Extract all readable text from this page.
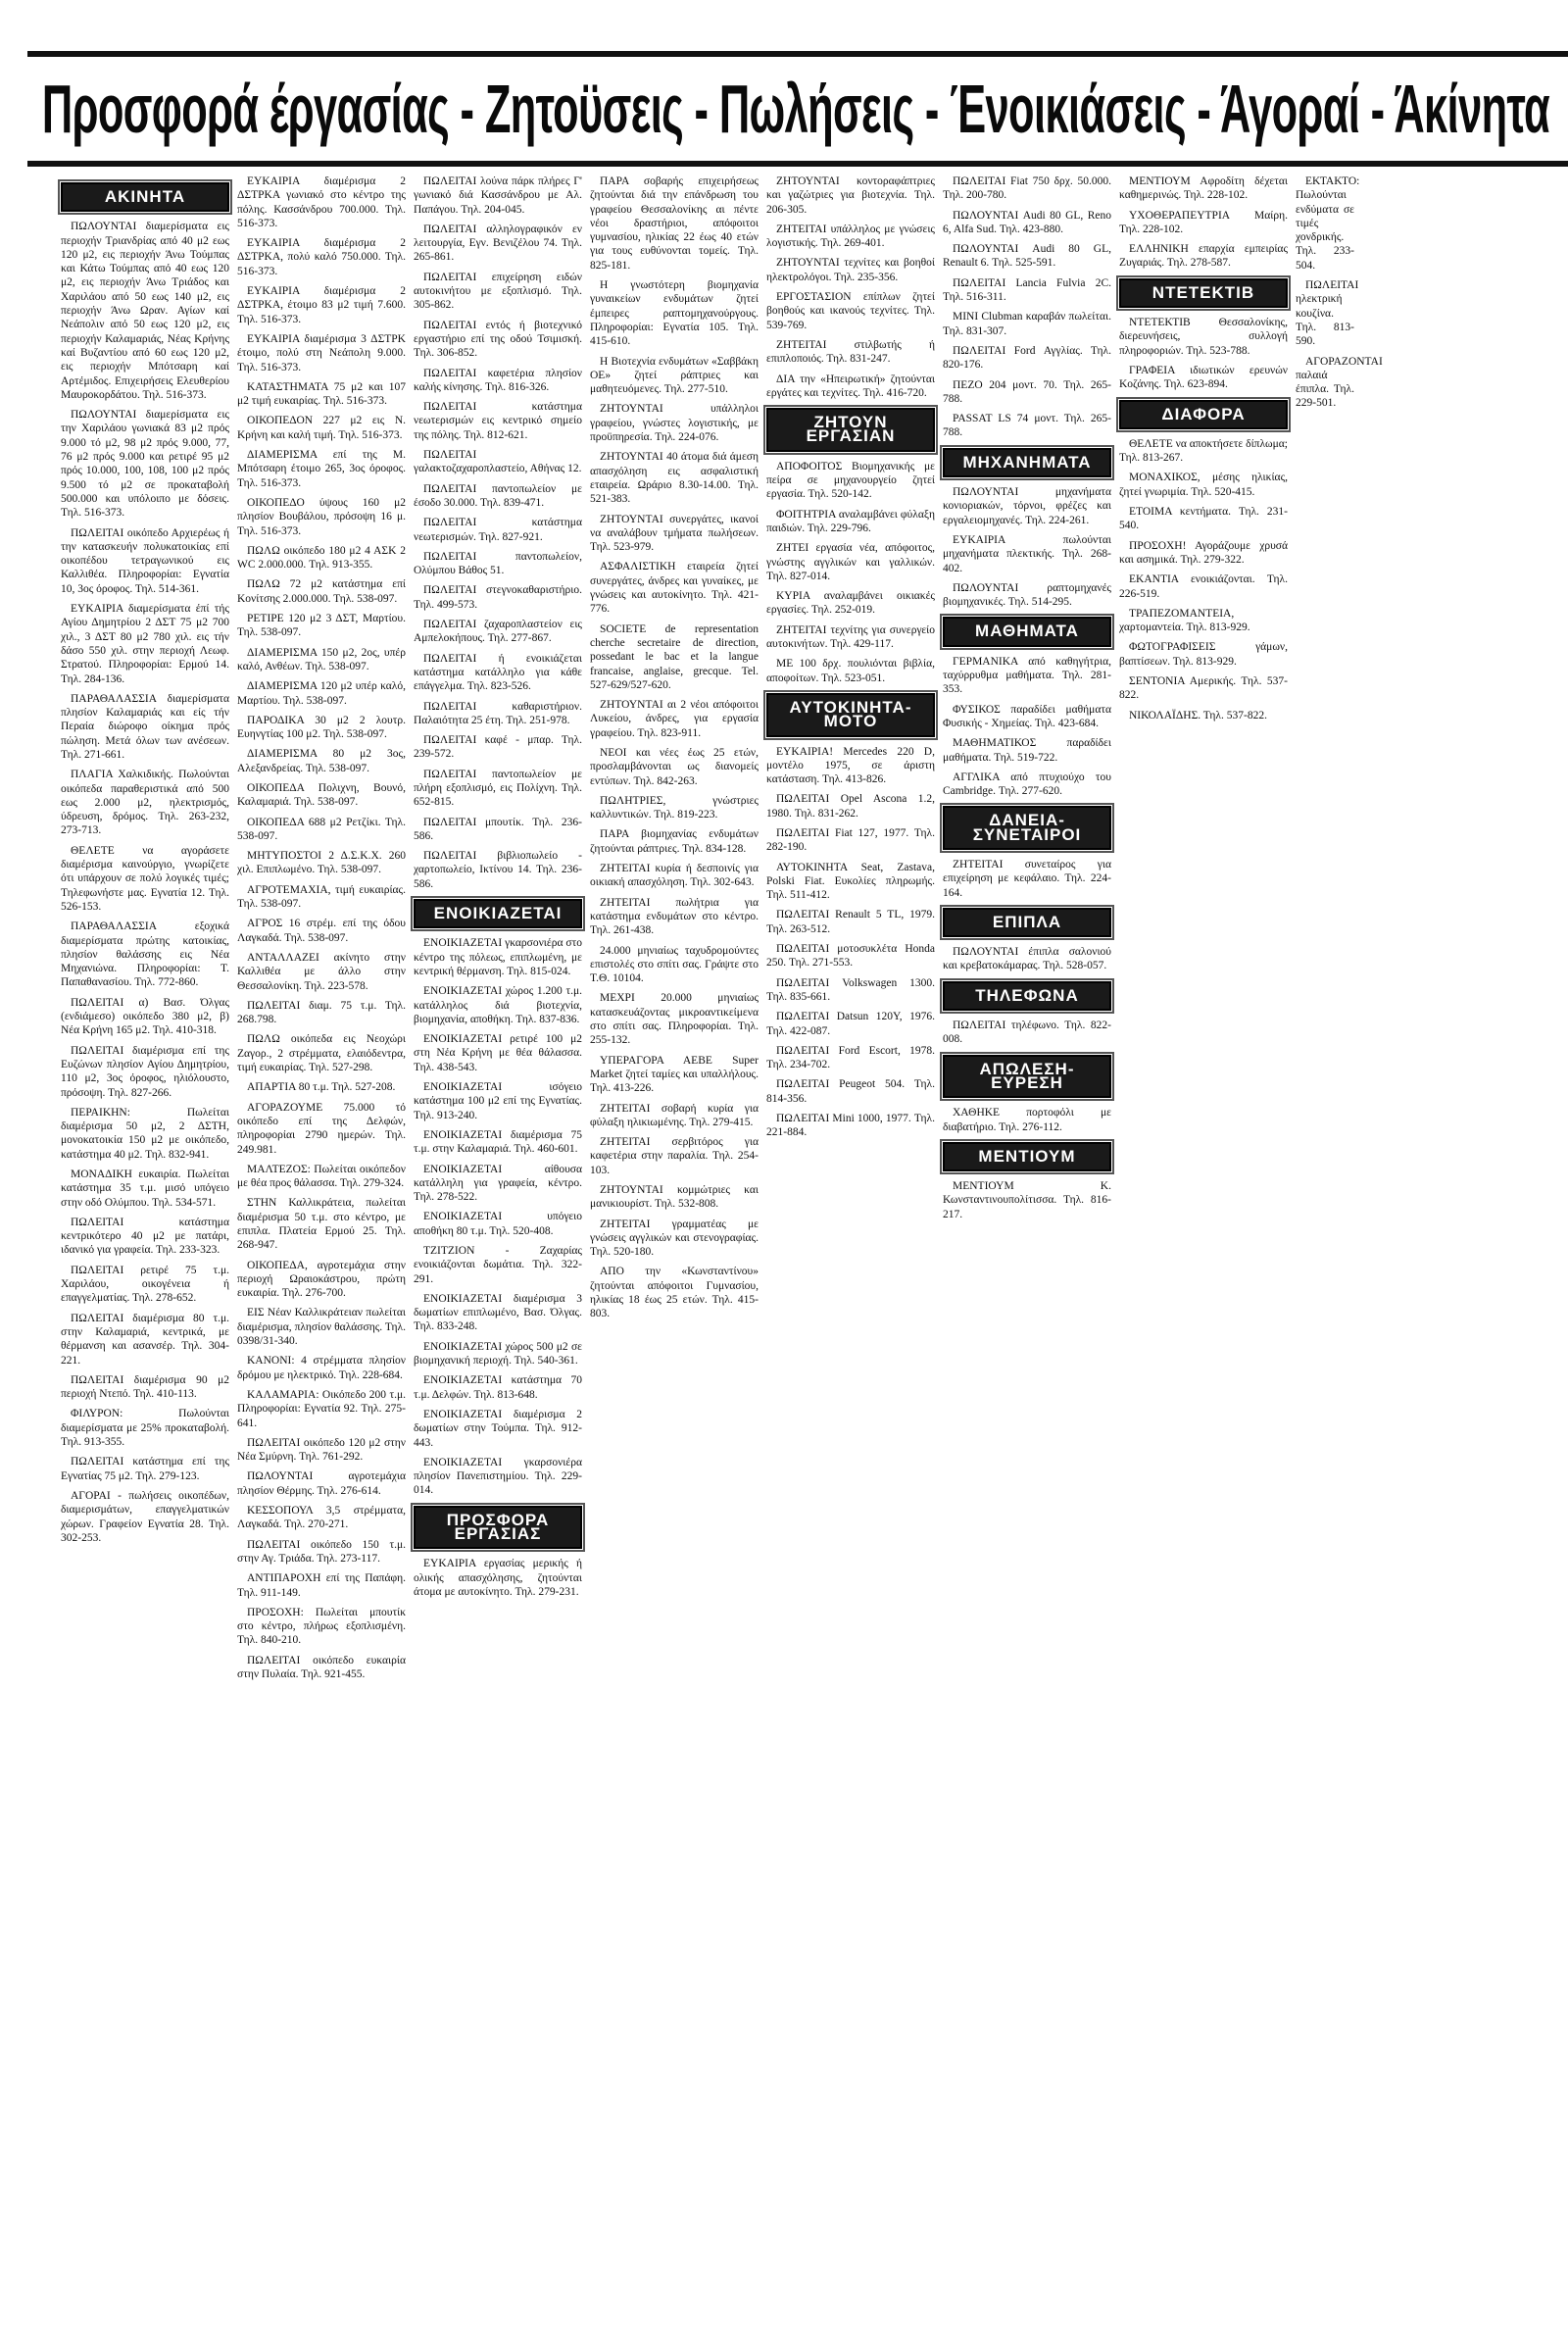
Προσφορά έργασίας - Ζητοϋσεις - Πωλήσεις - Ένοικιάσεις - Άγοραί - Άκίνητα
ΑΚΙΝΗΤΑ

ΠΩΛΟΥΝΤΑΙ διαμερίσματα εις περιοχήν Τριανδρίας από 40 μ2 εως 120 μ2, εις περιοχήν Άνω Τούμπας και Κάτω Τούμπας από 40 εως 120 μ2, εις περιοχήν Άνω Τριάδος και Χαριλάου από 50 εως 140 μ2, εις περιοχήν Άνω Ωραν. Αγίων καί Νεάπολιν από 50 εως 120 μ2, εις περιοχήν Καλαμαριάς, Νέας Κρήνης καί Βυζαντίου από 60 εως 120 μ2, εις περιοχήν Μπότσαρη καί Αρτέμιδος. Επιχειρήσεις Ελευθερίου Μαυροκορδάτου. Τηλ. 516-373.

ΠΩΛΟΥΝΤΑΙ διαμερίσματα εις την Χαριλάου γωνιακά 83 μ2 πρός 9.000 τό μ2, 98 μ2 πρός 9.000, 77, 76 μ2 πρός 9.000 και ρετιρέ 95 μ2 πρός 10.000, 100, 108, 100 μ2 πρός 9.500 τό μ2 σε προκαταβολή 500.000 και υπόλοιπο με δόσεις. Τηλ. 516-373.

ΠΩΛΕΙΤΑΙ οικόπεδο Αρχιερέως ή την κατασκευήν πολυκατοικίας επί οικοπέδου τετραγωνικού εις Καλλιθέα. Πληροφορίαι: Εγνατία 10, 3ος όροφος. Τηλ. 514-361.

ΕΥΚΑΙΡΙΑ διαμερίσματα έπί τής Αγίου Δημητρίου 2 ΔΣΤ 75 μ2 700 χιλ., 3 ΔΣΤ 80 μ2 780 χιλ. εις τήν δάσο 550 χιλ. στην περιοχή Λεωφ. Στρατού. Πληροφορίαι: Ερμού 14. Τηλ. 284-136.

ΠΑΡΑΘΑΛΑΣΣΙΑ διαμερίσματα πλησίον Καλαμαριάς και είς τήν Περαία διώροφο οίκημα πρός πώληση. Μετά όλων των ανέσεων. Τηλ. 271-661.

ΠΛΑΓΙΑ Χαλκιδικής. Πωλούνται οικόπεδα παραθεριστικά από 500 εως 2.000 μ2, ηλεκτρισμός, ύδρευση, δρόμος. Τηλ. 263-232, 273-713.

ΘΕΛΕΤΕ να αγοράσετε διαμέρισμα καινούργιο, γνωρίζετε ότι υπάρχουν σε πολύ λογικές τιμές; Τηλεφωνήστε μας. Εγνατία 12. Τηλ. 526-153.

ΠΑΡΑΘΑΛΑΣΣΙΑ εξοχικά διαμερίσματα πρώτης κατοικίας, πλησίον θαλάσσης εις Νέα Μηχανιώνα. Πληροφορίαι: Τ. Παπαθανασίου. Τηλ. 772-860.

ΠΩΛΕΙΤΑΙ α) Βασ. Όλγας (ενδιάμεσο) οικόπεδο 380 μ2, β) Νέα Κρήνη 165 μ2. Τηλ. 410-318.

ΠΩΛΕΙΤΑΙ διαμέρισμα επί της Ευζώνων πλησίον Αγίου Δημητρίου, 110 μ2, 3ος όροφος, ηλιόλουστο, πρόσοψη. Τηλ. 827-266.

ΠΕΡΑΙΚΗΝ: Πωλείται διαμέρισμα 50 μ2, 2 ΔΣΤΗ, μονοκατοικία 150 μ2 με οικόπεδο, κατάστημα 40 μ2. Τηλ. 832-941.

ΜΟΝΑΔΙΚΗ ευκαιρία. Πωλείται κατάστημα 35 τ.μ. μισό υπόγειο στην οδό Ολύμπου. Τηλ. 534-571.

ΠΩΛΕΙΤΑΙ κατάστημα κεντρικότερο 40 μ2 με πατάρι, ιδανικό για γραφεία. Τηλ. 233-323.

ΠΩΛΕΙΤΑΙ ρετιρέ 75 τ.μ. Χαριλάου, οικογένεια ή επαγγελματίας. Τηλ. 278-652.

ΠΩΛΕΙΤΑΙ διαμέρισμα 80 τ.μ. στην Καλαμαριά, κεντρικά, με θέρμανση και ασανσέρ. Τηλ. 304-221.

ΠΩΛΕΙΤΑΙ διαμέρισμα 90 μ2 περιοχή Ντεπό. Τηλ. 410-113.

ΦΙΛΥΡΟΝ: Πωλούνται διαμερίσματα με 25% προκαταβολή. Τηλ. 913-355.

ΠΩΛΕΙΤΑΙ κατάστημα επί της Εγνατίας 75 μ2. Τηλ. 279-123.

ΑΓΟΡΑΙ - πωλήσεις οικοπέδων, διαμερισμάτων, επαγγελματικών χώρων. Γραφείον Εγνατία 28. Τηλ. 302-253.

ΕΥΚΑΙΡΙΑ διαμέρισμα 2 ΔΣΤΡΚΑ γωνιακό στο κέντρο της πόλης. Κασσάνδρου 700.000. Τηλ. 516-373.

ΕΥΚΑΙΡΙΑ διαμέρισμα 2 ΔΣΤΡΚΑ, πολύ καλό 750.000. Τηλ. 516-373.

ΕΥΚΑΙΡΙΑ διαμέρισμα 2 ΔΣΤΡΚΑ, έτοιμο 83 μ2 τιμή 7.600. Τηλ. 516-373.

ΕΥΚΑΙΡΙΑ διαμέρισμα 3 ΔΣΤΡΚ έτοιμο, πολύ στη Νεάπολη 9.000. Τηλ. 516-373.

ΚΑΤΑΣΤΗΜΑΤΑ 75 μ2 και 107 μ2 τιμή ευκαιρίας. Τηλ. 516-373.

ΟΙΚΟΠΕΔΟΝ 227 μ2 εις Ν. Κρήνη και καλή τιμή. Τηλ. 516-373.

ΔΙΑΜΕΡΙΣΜΑ επί της Μ. Μπότσαρη έτοιμο 265, 3ος όροφος. Τηλ. 516-373.

ΟΙΚΟΠΕΔΟ ύψους 160 μ2 πλησίον Βουβάλου, πρόσοψη 16 μ. Τηλ. 516-373.

ΠΩΛΩ οικόπεδο 180 μ2 4 ΑΣΚ 2 WC 2.000.000. Τηλ. 913-355.

ΠΩΛΩ 72 μ2 κατάστημα επί Κονίτσης 2.000.000. Τηλ. 538-097.

ΡΕΤΙΡΕ 120 μ2 3 ΔΣΤ, Μαρτίου. Τηλ. 538-097.

ΔΙΑΜΕΡΙΣΜΑ 150 μ2, 2ος, υπέρ καλό, Ανθέων. Τηλ. 538-097.

ΔΙΑΜΕΡΙΣΜΑ 120 μ2 υπέρ καλό, Μαρτίου. Τηλ. 538-097.

ΠΑΡΟΔΙΚΑ 30 μ2 2 λουτρ. Ευηνγτίας 100 μ2. Τηλ. 538-097.

ΔΙΑΜΕΡΙΣΜΑ 80 μ2 3ος, Αλεξανδρείας. Τηλ. 538-097.

ΟΙΚΟΠΕΔΑ Πολιχνη, Βουνό, Καλαμαριά. Τηλ. 538-097.

ΟΙΚΟΠΕΔΑ 688 μ2 Ρετζίκι. Τηλ. 538-097.

ΜΗΤΥΠΟΣΤΟΙ 2 Δ.Σ.Κ.Χ. 260 χιλ. Επιπλωμένο. Τηλ. 538-097.

ΑΓΡΟΤΕΜΑΧΙΑ, τιμή ευκαιρίας. Τηλ. 538-097.

ΑΓΡΟΣ 16 στρέμ. επί της όδου Λαγκαδά. Τηλ. 538-097.

ΑΝΤΑΛΛΑΖΕΙ ακίνητο στην Καλλιθέα με άλλο στην Θεσσαλονίκη. Τηλ. 223-578.

ΠΩΛΕΙΤΑΙ διαμ. 75 τ.μ. Τηλ. 268.798.

ΠΩΛΩ οικόπεδα εις Νεοχώρι Ζαγορ., 2 στρέμματα, ελαιόδεντρα, τιμή ευκαιρίας. Τηλ. 527-298.

ΑΠΑΡΤΙΑ 80 τ.μ. Τηλ. 527-208.

ΑΓΟΡΑΖΟΥΜΕ 75.000 τό οικόπεδο επί της Δελφών, πληροφορίαι 2790 ημερών. Τηλ. 249.981.

ΜΑΛΤΕΖΟΣ: Πωλείται οικόπεδον με θέα προς θάλασσα. Τηλ. 279-324.

ΣΤΗΝ Καλλικράτεια, πωλείται διαμέρισμα 50 τ.μ. στο κέντρο, με επιπλα. Πλατεία Ερμού 25. Τηλ. 268-947.

ΟΙΚΟΠΕΔΑ, αγροτεμάχια στην περιοχή Ωραιοκάστρου, πρώτη ευκαιρία. Τηλ. 276-700.

ΕΙΣ Νέαν Καλλικράτειαν πωλείται διαμέρισμα, πλησίον θαλάσσης. Τηλ. 0398/31-340.

ΚΑΝΟΝΙ: 4 στρέμματα πλησίον δρόμου με ηλεκτρικό. Τηλ. 228-684.

ΚΑΛΑΜΑΡΙΑ: Οικόπεδο 200 τ.μ. Πληροφορίαι: Εγνατία 92. Τηλ. 275-641.

ΠΩΛΕΙΤΑΙ οικόπεδο 120 μ2 στην Νέα Σμύρνη. Τηλ. 761-292.

ΠΩΛΟΥΝΤΑΙ αγροτεμάχια πλησίον Θέρμης. Τηλ. 276-614.

ΚΕΣΣΟΠΟΥΛ 3,5 στρέμματα, Λαγκαδά. Τηλ. 270-271.

ΠΩΛΕΙΤΑΙ οικόπεδο 150 τ.μ. στην Αγ. Τριάδα. Τηλ. 273-117.

ΑΝΤΙΠΑΡΟΧΗ επί της Παπάφη. Τηλ. 911-149.

ΠΡΟΣΟΧΗ: Πωλείται μπουτίκ στο κέντρο, πλήρως εξοπλισμένη. Τηλ. 840-210.

ΠΩΛΕΙΤΑΙ οικόπεδο ευκαιρία στην Πυλαία. Τηλ. 921-455.

ΠΩΛΕΙΤΑΙ λούνα πάρκ πλήρες Γ' γωνιακό διά Κασσάνδρου με Αλ. Παπάγου. Τηλ. 204-045.

ΠΩΛΕΙΤΑΙ αλληλογραφικόν εν λειτουργία, Εγν. Βενιζέλου 74. Τηλ. 265-861.

ΠΩΛΕΙΤΑΙ επιχείρηση ειδών αυτοκινήτου με εξοπλισμό. Τηλ. 305-862.

ΠΩΛΕΙΤΑΙ εντός ή βιοτεχνικό εργαστήριο επί της οδού Τσιμισκή. Τηλ. 306-852.

ΠΩΛΕΙΤΑΙ καφετέρια πλησίον καλής κίνησης. Τηλ. 816-326.

ΠΩΛΕΙΤΑΙ κατάστημα νεωτερισμών εις κεντρικό σημείο της πόλης. Τηλ. 812-621.

ΠΩΛΕΙΤΑΙ γαλακτοζαχαροπλαστείο, Αθήνας 12.

ΠΩΛΕΙΤΑΙ παντοπωλείον με έσοδο 30.000. Τηλ. 839-471.

ΠΩΛΕΙΤΑΙ κατάστημα νεωτερισμών. Τηλ. 827-921.

ΠΩΛΕΙΤΑΙ παντοπωλείον, Ολύμπου Βάθος 51.

ΠΩΛΕΙΤΑΙ στεγνοκαθαριστήριο. Τηλ. 499-573.

ΠΩΛΕΙΤΑΙ ζαχαροπλαστείον εις Αμπελοκήπους. Τηλ. 277-867.

ΠΩΛΕΙΤΑΙ ή ενοικιάζεται κατάστημα κατάλληλο για κάθε επάγγελμα. Τηλ. 823-526.

ΠΩΛΕΙΤΑΙ καθαριστήριον. Παλαιότητα 25 έτη. Τηλ. 251-978.

ΠΩΛΕΙΤΑΙ καφέ - μπαρ. Τηλ. 239-572.

ΠΩΛΕΙΤΑΙ παντοπωλείον με πλήρη εξοπλισμό, εις Πολίχνη. Τηλ. 652-815.

ΠΩΛΕΙΤΑΙ μπουτίκ. Τηλ. 236-586.

ΠΩΛΕΙΤΑΙ βιβλιοπωλείο - χαρτοπωλείο, Ικτίνου 14. Τηλ. 236-586.

ΕΝΟΙΚΙΑΖΕΤΑΙ

ΕΝΟΙΚΙΑΖΕΤΑΙ γκαρσονιέρα στο κέντρο της πόλεως, επιπλωμένη, με κεντρική θέρμανση. Τηλ. 815-024.

ΕΝΟΙΚΙΑΖΕΤΑΙ χώρος 1.200 τ.μ. κατάλληλος διά βιοτεχνία, βιομηχανία, αποθήκη. Τηλ. 837-836.

ΕΝΟΙΚΙΑΖΕΤΑΙ ρετιρέ 100 μ2 στη Νέα Κρήνη με θέα θάλασσα. Τηλ. 438-543.

ΕΝΟΙΚΙΑΖΕΤΑΙ ισόγειο κατάστημα 100 μ2 επί της Εγνατίας. Τηλ. 913-240.

ΕΝΟΙΚΙΑΖΕΤΑΙ διαμέρισμα 75 τ.μ. στην Καλαμαριά. Τηλ. 460-601.

ΕΝΟΙΚΙΑΖΕΤΑΙ αίθουσα κατάλληλη για γραφεία, κέντρο. Τηλ. 278-522.

ΕΝΟΙΚΙΑΖΕΤΑΙ υπόγειο αποθήκη 80 τ.μ. Τηλ. 520-408.

ΤΖΙΤΖΙΟΝ - Ζαχαρίας ενοικιάζονται δωμάτια. Τηλ. 322-291.

ΕΝΟΙΚΙΑΖΕΤΑΙ διαμέρισμα 3 δωματίων επιπλωμένο, Βασ. Όλγας. Τηλ. 833-248.

ΕΝΟΙΚΙΑΖΕΤΑΙ χώρος 500 μ2 σε βιομηχανική περιοχή. Τηλ. 540-361.

ΕΝΟΙΚΙΑΖΕΤΑΙ κατάστημα 70 τ.μ. Δελφών. Τηλ. 813-648.

ΕΝΟΙΚΙΑΖΕΤΑΙ διαμέρισμα 2 δωματίων στην Τούμπα. Τηλ. 912-443.

ΕΝΟΙΚΙΑΖΕΤΑΙ γκαρσονιέρα πλησίον Πανεπιστημίου. Τηλ. 229-014.

ΠΡΟΣΦΟΡΑ ΕΡΓΑΣΙΑΣ

ΕΥΚΑΙΡΙΑ εργασίας μερικής ή ολικής απασχόλησης, ζητούνται άτομα με αυτοκίνητο. Τηλ. 279-231.

ΠΑΡΑ σοβαρής επιχειρήσεως ζητούνται διά την επάνδρωση του γραφείου Θεσσαλονίκης αι πέντε νέοι δραστήριοι, απόφοιτοι γυμνασίου, ηλικίας 22 έως 40 ετών για τους ευθύνονται τομείς. Τηλ. 825-181.

Η γνωστότερη βιομηχανία γυναικείων ενδυμάτων ζητεί έμπειρες ραπτομηχανούργους. Πληροφορίαι: Εγνατία 105. Τηλ. 415-610.

Η Βιοτεχνία ενδυμάτων «Σαββάκη ΟΕ» ζητεί ράπτριες και μαθητευόμενες. Τηλ. 277-510.

ΖΗΤΟΥΝΤΑΙ υπάλληλοι γραφείου, γνώστες λογιστικής, με προϋπηρεσία. Τηλ. 224-076.

ΖΗΤΟΥΝΤΑΙ 40 άτομα διά άμεση απασχόληση εις ασφαλιστική εταιρεία. Ωράριο 8.30-14.00. Τηλ. 521-383.

ΖΗΤΟΥΝΤΑΙ συνεργάτες, ικανοί να αναλάβουν τμήματα πωλήσεων. Τηλ. 523-979.

ΑΣΦΑΛΙΣΤΙΚΗ εταιρεία ζητεί συνεργάτες, άνδρες και γυναίκες, με γνώσεις και αυτοκίνητο. Τηλ. 421-776.

SOCIETE de representation cherche secretaire de direction, possedant le bac et la langue francaise, anglaise, grecque. Tel. 527-629/527-620.

ΖΗΤΟΥΝΤΑΙ αι 2 νέοι απόφοιτοι Λυκείου, άνδρες, για εργασία γραφείου. Τηλ. 823-911.

ΝΕΟΙ και νέες έως 25 ετών, προσλαμβάνονται ως διανομείς εντύπων. Τηλ. 842-263.

ΠΩΛΗΤΡΙΕΣ, γνώστριες καλλυντικών. Τηλ. 819-223.

ΠΑΡΑ βιομηχανίας ενδυμάτων ζητούνται ράπτριες. Τηλ. 834-128.

ΖΗΤΕΙΤΑΙ κυρία ή δεσποινίς για οικιακή απασχόληση. Τηλ. 302-643.

ΖΗΤΕΙΤΑΙ πωλήτρια για κατάστημα ενδυμάτων στο κέντρο. Τηλ. 261-438.

24.000 μηνιαίως ταχυδρομούντες επιστολές στο σπίτι σας. Γράψτε στο Τ.Θ. 10104.

ΜΕΧΡΙ 20.000 μηνιαίως κατασκευάζοντας μικροαντικείμενα στο σπίτι σας. Πληροφορίαι. Τηλ. 255-132.

ΥΠΕΡΑΓΟΡΑ ΑΕΒΕ Super Market ζητεί ταμίες και υπαλλήλους. Τηλ. 413-226.

ΖΗΤΕΙΤΑΙ σοβαρή κυρία για φύλαξη ηλικιωμένης. Τηλ. 279-415.

ΖΗΤΕΙΤΑΙ σερβιτόρος για καφετέρια στην παραλία. Τηλ. 254-103.

ΖΗΤΟΥΝΤΑΙ κομμώτριες και μανικιουρίστ. Τηλ. 532-808.

ΖΗΤΕΙΤΑΙ γραμματέας με γνώσεις αγγλικών και στενογραφίας. Τηλ. 520-180.

ΑΠΟ την «Κωνσταντίνου» ζητούνται απόφοιτοι Γυμνασίου, ηλικίας 18 έως 25 ετών. Τηλ. 415-803.

ΖΗΤΟΥΝΤΑΙ κοντοραφάπτριες και γαζώτριες για βιοτεχνία. Τηλ. 206-305.

ΖΗΤΕΙΤΑΙ υπάλληλος με γνώσεις λογιστικής. Τηλ. 269-401.

ΖΗΤΟΥΝΤΑΙ τεχνίτες και βοηθοί ηλεκτρολόγοι. Τηλ. 235-356.

ΕΡΓΟΣΤΑΣΙΟΝ επίπλων ζητεί βοηθούς και ικανούς τεχνίτες. Τηλ. 539-769.

ΖΗΤΕΙΤΑΙ στιλβωτής ή επιπλοποιός. Τηλ. 831-247.

ΔΙΑ την «Ηπειρωτική» ζητούνται εργάτες και τεχνίτες. Τηλ. 416-720.

ΖΗΤΟΥΝ ΕΡΓΑΣΙΑΝ

ΑΠΟΦΟΙΤΟΣ Βιομηχανικής με πείρα σε μηχανουργείο ζητεί εργασία. Τηλ. 520-142.

ΦΟΙΤΗΤΡΙΑ αναλαμβάνει φύλαξη παιδιών. Τηλ. 229-796.

ΖΗΤΕΙ εργασία νέα, απόφοιτος, γνώστης αγγλικών και γαλλικών. Τηλ. 827-014.

ΚΥΡΙΑ αναλαμβάνει οικιακές εργασίες. Τηλ. 252-019.

ΖΗΤΕΙΤΑΙ τεχνίτης για συνεργείο αυτοκινήτων. Τηλ. 429-117.

ΜΕ 100 δρχ. πουλιόνται βιβλία, αποφοίτων. Τηλ. 523-051.

ΑΥΤΟΚΙΝΗΤΑ-ΜΟΤΟ

ΕΥΚΑΙΡΙΑ! Mercedes 220 D, μοντέλο 1975, σε άριστη κατάσταση. Τηλ. 413-826.

ΠΩΛΕΙΤΑΙ Opel Ascona 1.2, 1980. Τηλ. 831-262.

ΠΩΛΕΙΤΑΙ Fiat 127, 1977. Τηλ. 282-190.

ΑΥΤΟΚΙΝΗΤΑ Seat, Zastava, Polski Fiat. Ευκολίες πληρωμής. Τηλ. 511-412.

ΠΩΛΕΙΤΑΙ Renault 5 TL, 1979. Τηλ. 263-512.

ΠΩΛΕΙΤΑΙ μοτοσυκλέτα Honda 250. Τηλ. 271-553.

ΠΩΛΕΙΤΑΙ Volkswagen 1300. Τηλ. 835-661.

ΠΩΛΕΙΤΑΙ Datsun 120Y, 1976. Τηλ. 422-087.

ΠΩΛΕΙΤΑΙ Ford Escort, 1978. Τηλ. 234-702.

ΠΩΛΕΙΤΑΙ Peugeot 504. Τηλ. 814-356.

ΠΩΛΕΙΤΑΙ Mini 1000, 1977. Τηλ. 221-884.

ΠΩΛΕΙΤΑΙ Fiat 750 δρχ. 50.000. Τηλ. 200-780.

ΠΩΛΟΥΝΤΑΙ Audi 80 GL, Reno 6, Alfa Sud. Τηλ. 423-880.

ΠΩΛΟΥΝΤΑΙ Audi 80 GL, Renault 6. Τηλ. 525-591.

ΠΩΛΕΙΤΑΙ Lancia Fulvia 2C. Τηλ. 516-311.

MINI Clubman καραβάν πωλείται. Τηλ. 831-307.

ΠΩΛΕΙΤΑΙ Ford Αγγλίας. Τηλ. 820-176.

ΠΕΖΟ 204 μοντ. 70. Τηλ. 265-788.

PASSAT LS 74 μοντ. Τηλ. 265-788.

ΜΗΧΑΝΗΜΑΤΑ

ΠΩΛΟΥΝΤΑΙ μηχανήματα κονιοριακών, τόρνοι, φρέζες και εργαλειομηχανές. Τηλ. 224-261.

ΕΥΚΑΙΡΙΑ πωλούνται μηχανήματα πλεκτικής. Τηλ. 268-402.

ΠΩΛΟΥΝΤΑΙ ραπτομηχανές βιομηχανικές. Τηλ. 514-295.

ΜΑΘΗΜΑΤΑ

ΓΕΡΜΑΝΙΚΑ από καθηγήτρια, ταχύρρυθμα μαθήματα. Τηλ. 281-353.

ΦΥΣΙΚΟΣ παραδίδει μαθήματα Φυσικής - Χημείας. Τηλ. 423-684.

ΜΑΘΗΜΑΤΙΚΟΣ παραδίδει μαθήματα. Τηλ. 519-722.

ΑΓΓΛΙΚΑ από πτυχιούχο του Cambridge. Τηλ. 277-620.

ΔΑΝΕΙΑ-ΣΥΝΕΤΑΙΡΟΙ

ΖΗΤΕΙΤΑΙ συνεταίρος για επιχείρηση με κεφάλαιο. Τηλ. 224-164.

ΕΠΙΠΛΑ

ΠΩΛΟΥΝΤΑΙ έπιπλα σαλονιού και κρεβατοκάμαρας. Τηλ. 528-057.

ΤΗΛΕΦΩΝΑ

ΠΩΛΕΙΤΑΙ τηλέφωνο. Τηλ. 822-008.

ΑΠΩΛΕΣΗ-ΕΥΡΕΣΗ

ΧΑΘΗΚΕ πορτοφόλι με διαβατήριο. Τηλ. 276-112.

ΜΕΝΤΙΟΥΜ

ΜΕΝΤΙΟΥΜ Κ. Κωνσταντινουπολίτισσα. Τηλ. 816-217.

ΜΕΝΤΙΟΥΜ Αφροδίτη δέχεται καθημερινώς. Τηλ. 228-102.

ΥΧΟΘΕΡΑΠΕΥΤΡΙΑ Μαίρη. Τηλ. 228-102.

ΕΛΛΗΝΙΚΗ επαρχία εμπειρίας Ζυγαριάς. Τηλ. 278-587.

ΝΤΕΤΕΚΤΙΒ

ΝΤΕΤΕΚΤΙΒ Θεσσαλονίκης, διερευνήσεις, συλλογή πληροφοριών. Τηλ. 523-788.

ΓΡΑΦΕΙΑ ιδιωτικών ερευνών Κοζάνης. Τηλ. 623-894.

ΔΙΑΦΟΡΑ

ΘΕΛΕΤΕ να αποκτήσετε δίπλωμα; Τηλ. 813-267.

ΜΟΝΑΧΙΚΟΣ, μέσης ηλικίας, ζητεί γνωριμία. Τηλ. 520-415.

ΕΤΟΙΜΑ κεντήματα. Τηλ. 231-540.

ΠΡΟΣΟΧΗ! Αγοράζουμε χρυσά και ασημικά. Τηλ. 279-322.

ΕΚΑΝΤΙΑ ενοικιάζονται. Τηλ. 226-519.

ΤΡΑΠΕΖΟΜΑΝΤΕΙΑ, χαρτομαντεία. Τηλ. 813-929.

ΦΩΤΟΓΡΑΦΙΣΕΙΣ γάμων, βαπτίσεων. Τηλ. 813-929.

ΣΕΝΤΟΝΙΑ Αμερικής. Τηλ. 537-822.

ΝΙΚΟΛΑΪΔΗΣ. Τηλ. 537-822.

ΕΚΤΑΚΤΟ: Πωλούνται ενδύματα σε τιμές χονδρικής. Τηλ. 233-504.

ΠΩΛΕΙΤΑΙ ηλεκτρική κουζίνα. Τηλ. 813-590.

ΑΓΟΡΑΖΟΝΤΑΙ παλαιά έπιπλα. Τηλ. 229-501.
